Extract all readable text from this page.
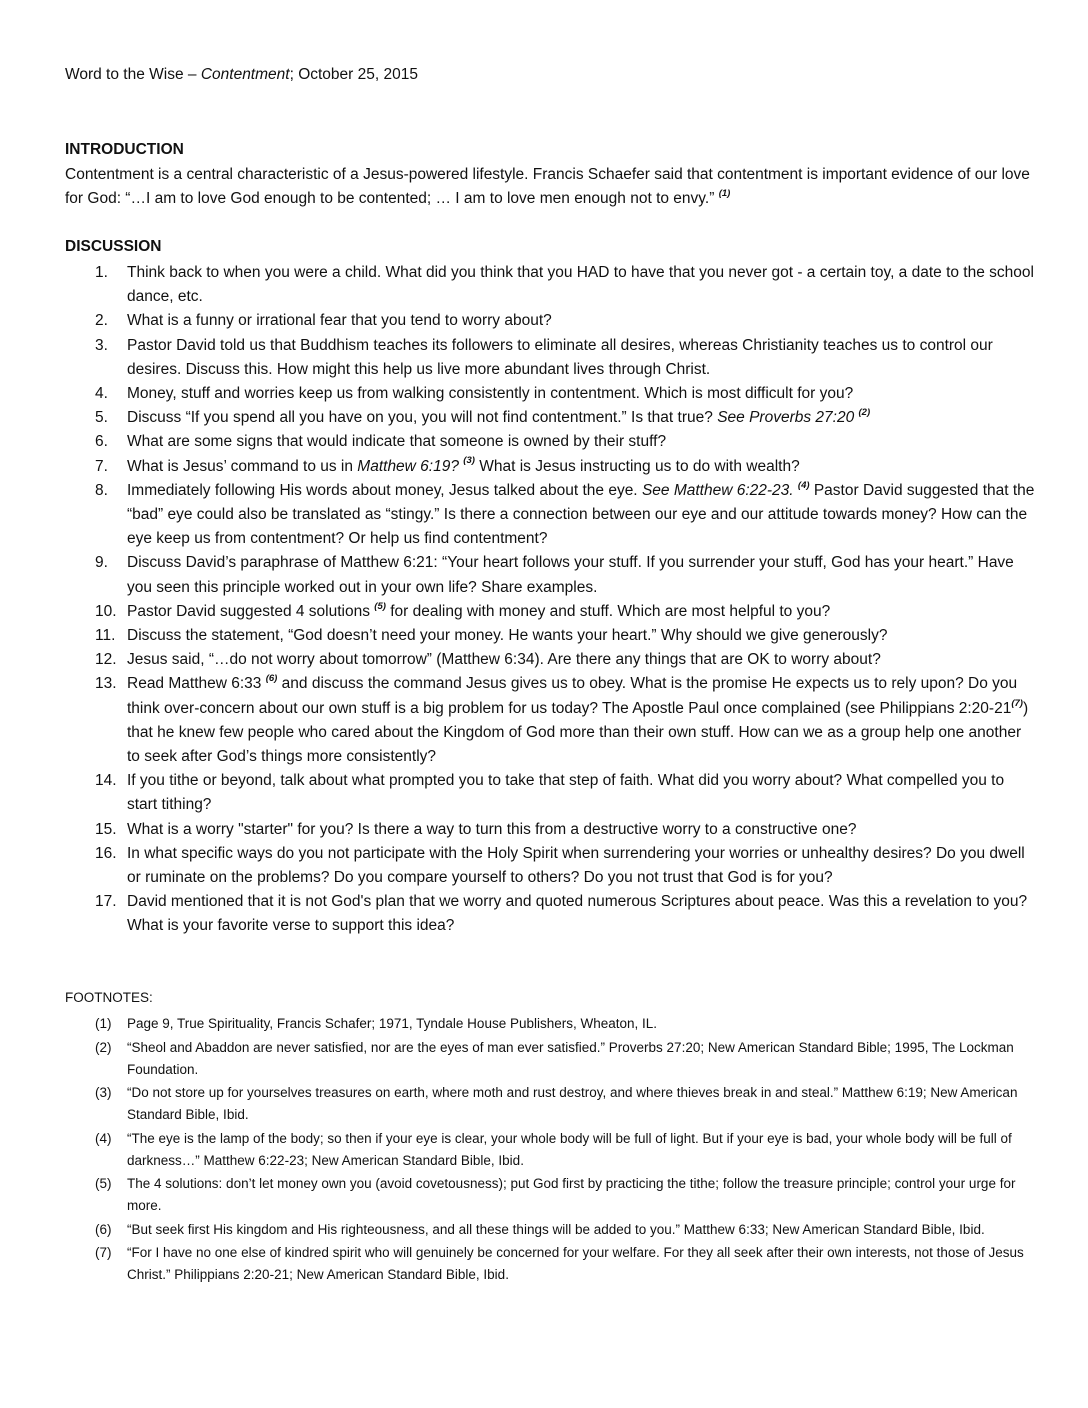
Word to the Wise – Contentment; October 25, 2015
INTRODUCTION
Contentment is a central characteristic of a Jesus-powered lifestyle. Francis Schaefer said that contentment is important evidence of our love for God: “…I am to love God enough to be contented; … I am to love men enough not to envy.” $^{(1)}$
DISCUSSION
1. Think back to when you were a child. What did you think that you HAD to have that you never got - a certain toy, a date to the school dance, etc.
2. What is a funny or irrational fear that you tend to worry about?
3. Pastor David told us that Buddhism teaches its followers to eliminate all desires, whereas Christianity teaches us to control our desires. Discuss this. How might this help us live more abundant lives through Christ.
4. Money, stuff and worries keep us from walking consistently in contentment. Which is most difficult for you?
5. Discuss “If you spend all you have on you, you will not find contentment.” Is that true? See Proverbs 27:20 $^{(2)}$
6. What are some signs that would indicate that someone is owned by their stuff?
7. What is Jesus’ command to us in Matthew 6:19? $^{(3)}$ What is Jesus instructing us to do with wealth?
8. Immediately following His words about money, Jesus talked about the eye. See Matthew 6:22-23. $^{(4)}$ Pastor David suggested that the “bad” eye could also be translated as “stingy.” Is there a connection between our eye and our attitude towards money? How can the eye keep us from contentment? Or help us find contentment?
9. Discuss David’s paraphrase of Matthew 6:21: “Your heart follows your stuff. If you surrender your stuff, God has your heart.” Have you seen this principle worked out in your own life? Share examples.
10. Pastor David suggested 4 solutions $^{(5)}$ for dealing with money and stuff. Which are most helpful to you?
11. Discuss the statement, “God doesn’t need your money. He wants your heart.” Why should we give generously?
12. Jesus said, “…do not worry about tomorrow” (Matthew 6:34). Are there any things that are OK to worry about?
13. Read Matthew 6:33 $^{(6)}$ and discuss the command Jesus gives us to obey. What is the promise He expects us to rely upon? Do you think over-concern about our own stuff is a big problem for us today? The Apostle Paul once complained (see Philippians 2:20-21$^{(7)}$) that he knew few people who cared about the Kingdom of God more than their own stuff. How can we as a group help one another to seek after God’s things more consistently?
14. If you tithe or beyond, talk about what prompted you to take that step of faith. What did you worry about? What compelled you to start tithing?
15. What is a worry "starter" for you? Is there a way to turn this from a destructive worry to a constructive one?
16. In what specific ways do you not participate with the Holy Spirit when surrendering your worries or unhealthy desires? Do you dwell or ruminate on the problems? Do you compare yourself to others? Do you not trust that God is for you?
17. David mentioned that it is not God's plan that we worry and quoted numerous Scriptures about peace. Was this a revelation to you? What is your favorite verse to support this idea?
FOOTNOTES:
(1) Page 9, True Spirituality, Francis Schafer; 1971, Tyndale House Publishers, Wheaton, IL.
(2) “Sheol and Abaddon are never satisfied, nor are the eyes of man ever satisfied.” Proverbs 27:20; New American Standard Bible; 1995, The Lockman Foundation.
(3) “Do not store up for yourselves treasures on earth, where moth and rust destroy, and where thieves break in and steal.” Matthew 6:19; New American Standard Bible, Ibid.
(4) “The eye is the lamp of the body; so then if your eye is clear, your whole body will be full of light. But if your eye is bad, your whole body will be full of darkness…” Matthew 6:22-23; New American Standard Bible, Ibid.
(5) The 4 solutions: don’t let money own you (avoid covetousness); put God first by practicing the tithe; follow the treasure principle; control your urge for more.
(6) “But seek first His kingdom and His righteousness, and all these things will be added to you.” Matthew 6:33; New American Standard Bible, Ibid.
(7) “For I have no one else of kindred spirit who will genuinely be concerned for your welfare. For they all seek after their own interests, not those of Jesus Christ.” Philippians 2:20-21; New American Standard Bible, Ibid.
